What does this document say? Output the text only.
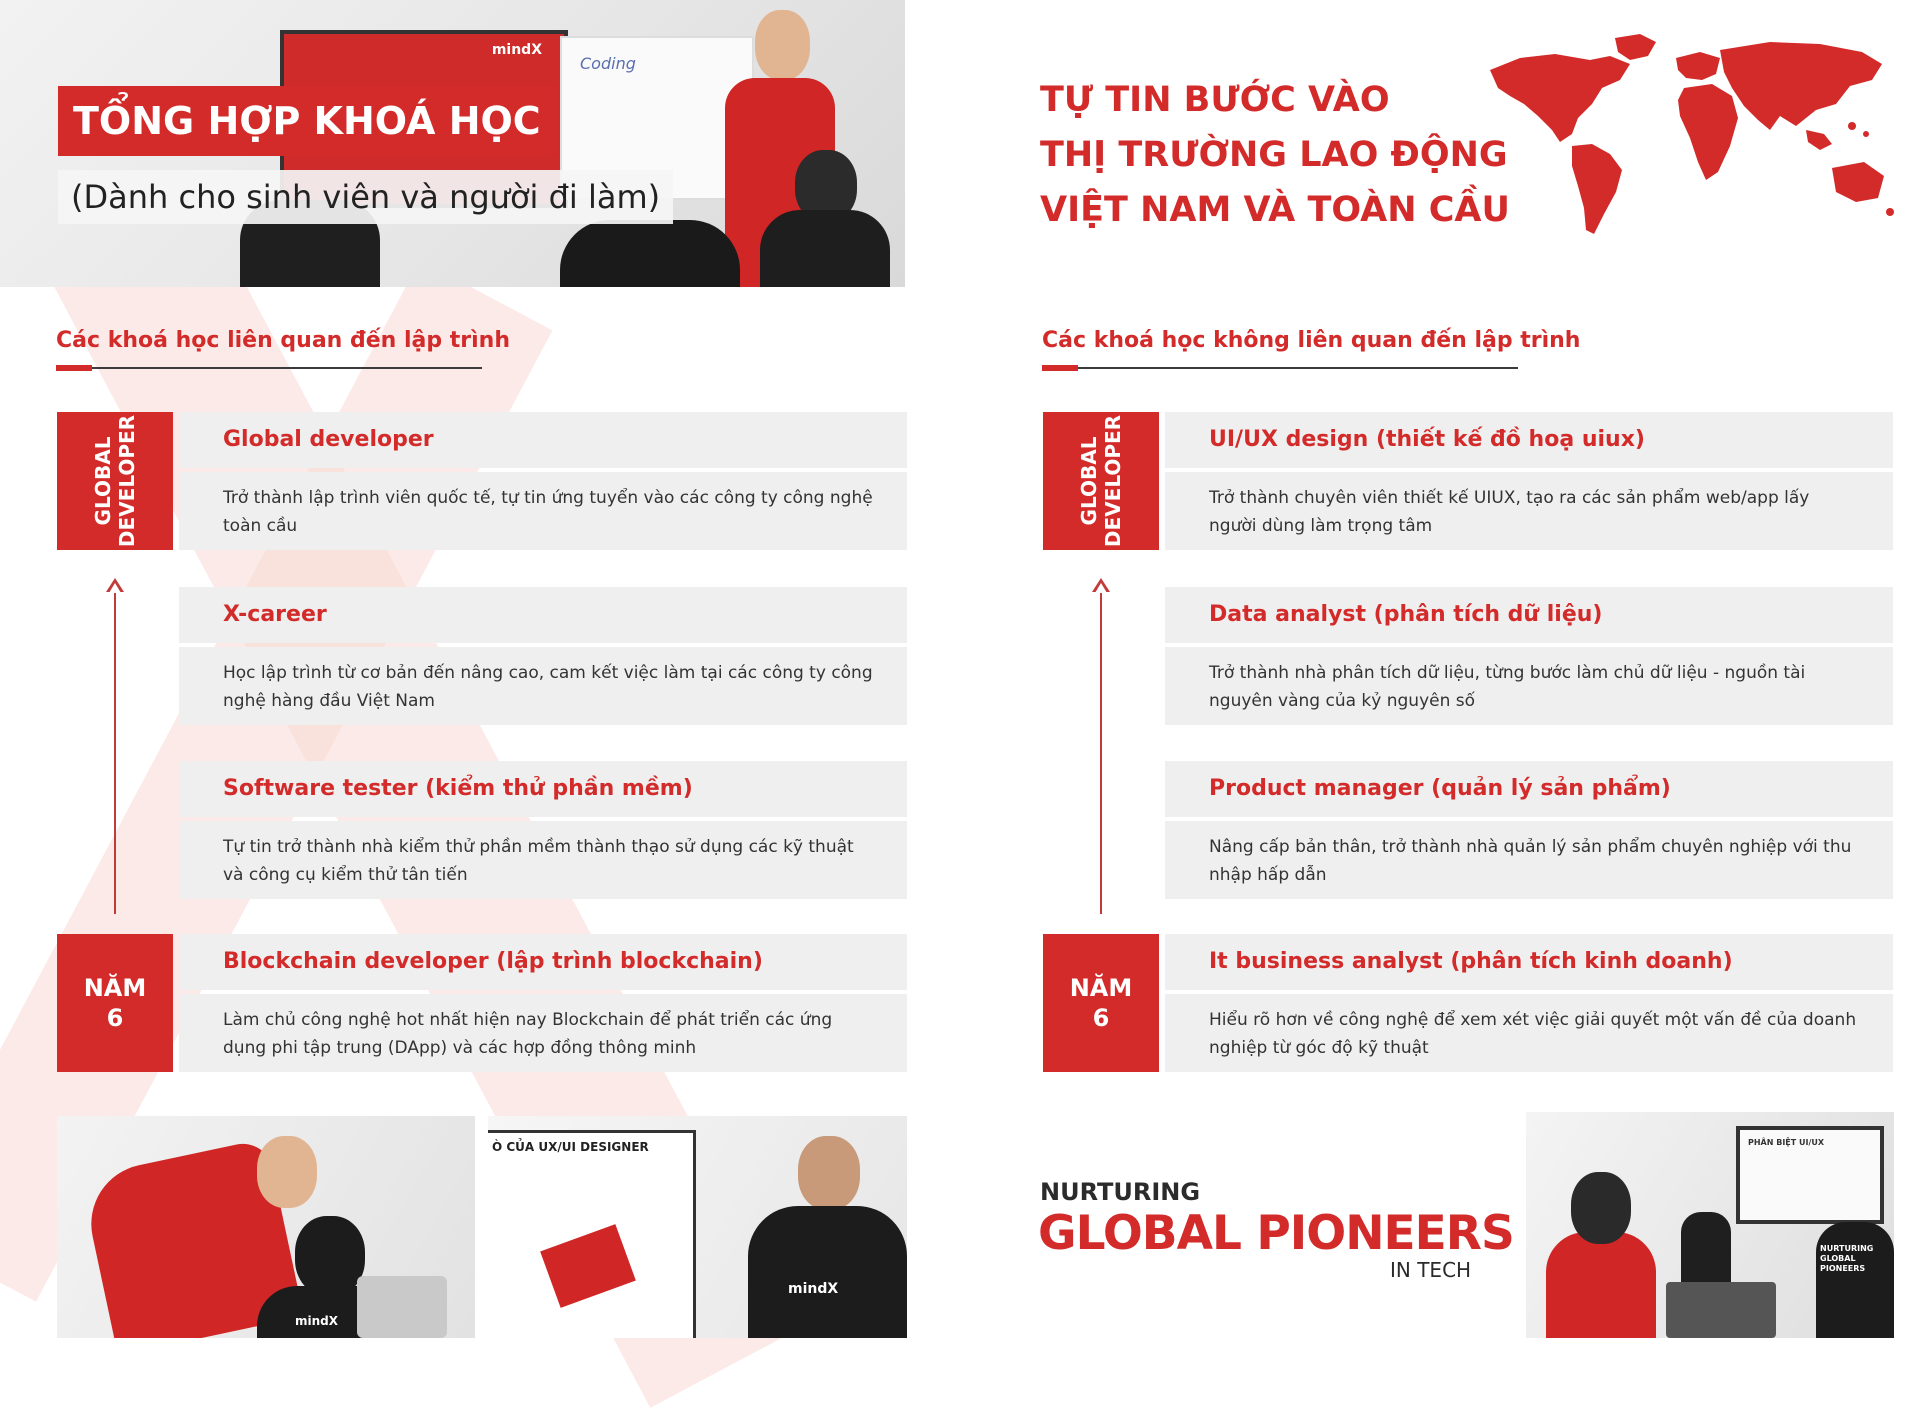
mindX
Coding
TỔNG HỢP KHOÁ HỌC
(Dành cho sinh viên và người đi làm)
TỰ TIN BƯỚC VÀO
THỊ TRƯỜNG LAO ĐỘNG
VIỆT NAM VÀ TOÀN CẦU
Các khoá học liên quan đến lập trình
GLOBAL
DEVELOPER
NĂM
6
Global developer
Trở thành lập trình viên quốc tế, tự tin ứng tuyển vào các công ty công nghệ toàn cầu
X-career
Học lập trình từ cơ bản đến nâng cao, cam kết việc làm tại các công ty công nghệ hàng đầu Việt Nam
Software tester (kiểm thử phần mềm)
Tự tin trở thành nhà kiểm thử phần mềm thành thạo sử dụng các kỹ thuật và công cụ kiểm thử tân tiến
Blockchain developer (lập trình blockchain)
Làm chủ công nghệ hot nhất hiện nay Blockchain để phát triển các ứng dụng phi tập trung (DApp) và các hợp đồng thông minh
Các khoá học không liên quan đến lập trình
GLOBAL
DEVELOPER
NĂM
6
UI/UX design (thiết kế đồ hoạ uiux)
Trở thành chuyên viên thiết kế UIUX, tạo ra các sản phẩm web/app lấy người dùng làm trọng tâm
Data analyst (phân tích dữ liệu)
Trở thành nhà phân tích dữ liệu, từng bước làm chủ dữ liệu - nguồn tài nguyên vàng của kỷ nguyên số
Product manager (quản lý sản phẩm)
Nâng cấp bản thân, trở thành nhà quản lý sản phẩm chuyên nghiệp với thu nhập hấp dẫn
It business analyst (phân tích kinh doanh)
Hiểu rõ hơn về công nghệ để xem xét việc giải quyết một vấn đề của doanh nghiệp từ góc độ kỹ thuật
mindX
Ò CỦA UX/UI DESIGNER
mindX
NURTURING
GLOBAL PIONEERS
IN TECH
PHÂN BIỆT UI/UX
NURTURING GLOBAL PIONEERS
